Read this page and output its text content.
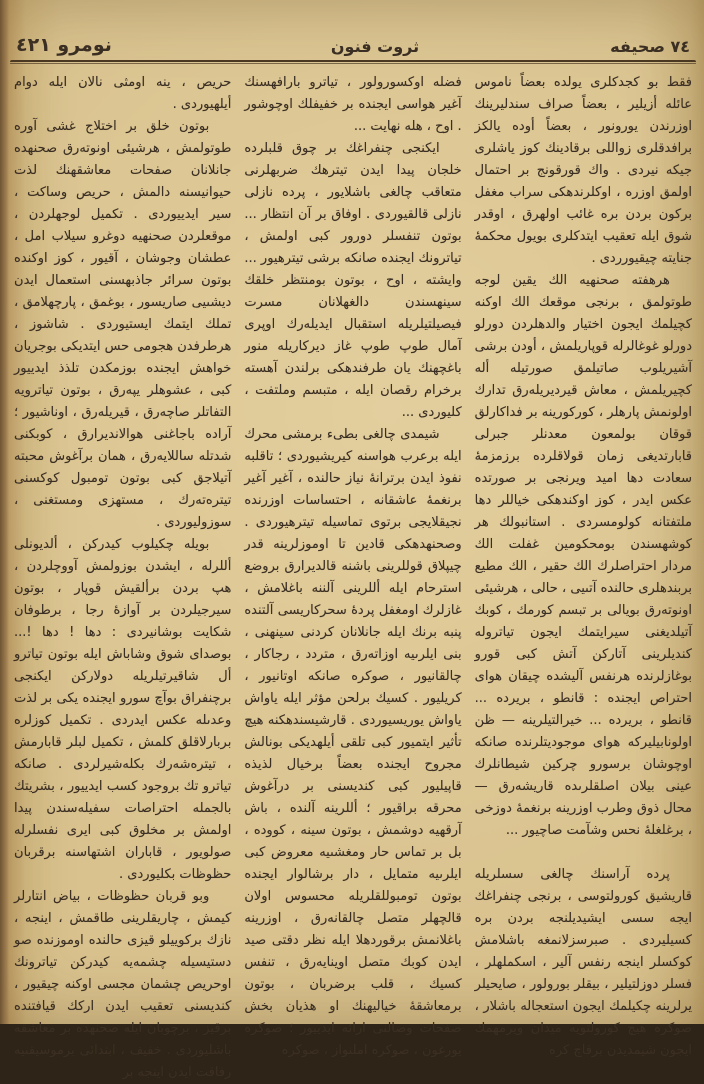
٧٤ صحيفه
ثروت فنون
نومرو ٤٢١

فقط بو كجدكلرى يولده بعضاً ناموس عائله أزيلير ، بعضاً صراف سندليرينك اوزرندن يورونور ، بعضاً أوده يالكز برافدقلرى زواللى برقادينك كوز ياشلرى جيكه نيردى . واك قورقونج بر احتمال اولمق اوزره ، اوكلرندهكى سراب مغفل بركون بردن بره غائب اولهرق ، اوقدر شوق ايله تعقيب ايتدكلرى بويول محكمهٔ جنايته چيقيورردى .

هرهفته صحنهيه الك يقين لوجه طوتولمق ، برنجى موقعك الك اوكنه كچيلمك ايجون اختيار والدهلردن دورلو دورلو غوغالرله قوپاريلمش ، أودن برشى آشيريلوب صاتيلمق صورتيله أله كچيريلمش ، معاش قيرديريلەرق تدارك اولونمش پارهلر ، كوركورينه بر فداكارلق قوقان بولمعون معدنلر جبرلى قابارتديغى زمان قولاقلرده برزمزمهٔ سعادت دها اميد ويرنجى بر صورتده عكس ايدر ، كوز اوكندهكى خياللر دها ملتفتانه كولومسردى . استانبولك هر كوشهسندن بومحكومين غفلت الك مردار احتراصلرك الك حقير ، الك مطيع بربندهلرى حالنده آتىيى ، حالى ، هرشيئى اونوتەرق بويالى بر تبسم كورمك ، كوبك آتيلديغنى سيرايتمك ايجون تياترولە كنديلرينى آتاركن آتش كبى قورو بوغازلرنده هرنفس آليشده چيقان هواى احتراص ايجنده : قانطو ، بريرده ... قانطو ، بريرده ... خيرالتيلرينه — ظن اولونابيليركه هواى موجوديتلرنده صانكه اوچوشان برسورو چركين شيطانلرك عينى بيلان اصلقلرىده قاريشەرق — محال ذوق وطرب اوزرينه برنغمهٔ دوزخى ، برغلغلهٔ نحس وشآمت صاچيور ...

پرده آراسنك چالغى سسلريله قاريشيق كورولتوسى ، برنجى چنفراغك ايجه سسى ايشيديلنجه بردن بره كسيليردى . صبرسزلانمغه باشلامش كوكسلر اينجه رنفس آلير ، اسكملهلر ، فسلر دوزلتيلير ، بيقلر بورولور ، صايحيلر يرلرينه چكيلمك ايجون استعجاله باشلار ، صوكره هيچ كورولتويه ميدان ويرمهمك ايجون شيمديدن برقاچ كره

فضله اوكسورولور ، تياترو بارافهسنك آغير هواسى ايجنده بر خفيفلك اوچوشور . اوح ، هله نهايت ...

ايكنجى چنفراغك بر چوق قلبلرده خلجان پيدا ايدن تيترهك ضربهلرنى متعاقب چالغى باشلايور ، پرده نازلى نازلى قالقيوردى . اوفاق بر آن انتظار ... بوتون تنفسلر دورور كبى اولمش ، تياترونك ايجنده صانكه برشى تيترهيور ... وايشته ، اوح ، بوتون بومنتظر خلقك سينهسندن دالغهلانان مسرت فيصيلتيلريله استقبال ايديلەرك اوپرى آمال طوپ طوپ غاز ديركاريله منور باغچهنك يان طرفندهكى برلندن آهسته برخرام رقصان ايله ، متبسم وملتفت ، كليوردى ...

شيمدى چالغى بطىء برمشى محرك ايله برعرب هواسنه كيريشيوردى ؛ تاقلبه نفوذ ايدن برترانهٔ نياز حالنده ، آغير آغير برنغمهٔ عاشقانه ، احتساسات اوزرنده نجيقلايجى برتوى تماسيله تيترهيوردى . وصحنهدهكى قادين تا اوموزلرينه قدر چيپلاق قوللرينى باشنه قالديرارق بروضع استرحام ايله أللرينى آلننه باغلامش ، غازلرك اومغفل پردهٔ سحركاريسى آلتنده پنبه برنك ايله جانلانان كردنى سينهنى ، بنى ايلرىيه اوزاتەرق ، متردد ، رجاكار ، چالقانيور ، صوكره صانكه اوتانيور ، كريليور . كسيك برلحن مؤثر ايله ياواش ياواش يوريسيوردى . قارشيسندهكنه هيچ تأثير ايتميور كبى تلقى أيلهديكى بونالش مجروح ايجنده بعضاً برخيال لذيذه قاپيليور كبى كنديسنى بر درآغوش محرقه براقيور ؛ أللرينه آلنده ، باش آرقهيه دوشمش ، بوتون سينه ، كووده ، بل بر تماس حار ومغشىيه معروض كبى ايلرىيه متمايل ، دار برشالوار ايجنده بوتون تومبوللقلريله محسوس اولان قالچهلر متصل چالقانەرق ، اوزرينه باغلانمش برقوردهلا ايله نظر دقتى صيد ايدن كوبك متصل اوينايەرق ، تنفس كسيك ، قلب برضربان ، بوتون برمعاشقهٔ خياليهنك او هذيان بخش صفحات وصالنى ارائه ايدييور ؛ صوكره يورغون ، صوكره املنواز ، صوكره

حريص ، ينه اومثى نالان ايله دوام أيلهيوردى .

بوتون خلق بر اختلاج غشى آوره طوتولمش ، هرشيئى اونوتەرق صحنهده جانلانان صفحات معاشقهنك لذت حيوانيسنه دالمش ، حريص وساكت ، سير ايدييوردى . تكميل لوجهلردن ، موقعلردن صحنهيه دوغرو سيلاب امل ، عطشان وجوشان ، آقيور ، كوز اوكنده بوتون سرائر جاذبهسنى استعمال ايدن ديشىيى صاريسور ، بوغمق ، پارچهلامق ، تملك ايتمك ايستيوردى . شاشوز ، هرطرفدن هجومى حس ايتديكى بوجريان خواهش ايجنده بوزمكدن تلذذ ايدييور كبى ، عشوهلر يپەرق ، بوتون تياترويه التفاتلر صاچەرق ، قيريلەرق ، اوناشيور ؛ آراده باجاغنى هوالانديرارق ، كوبكنى شدتله ساللايەرق ، همان برآغوش محبته آتيلاجق كبى بوتون تومبول كوكسنى تيترەتەرك ، مستهزى ومستغنى ، سوزوليوردى .

بويله چكيلوب كيدركن ، ألديونلى أللرله ، ايشدن بوزولمش آووچلردن ، هپ بردن برألقيش قوپار ، بوتون سيرجيلردن بر آوازهٔ رجا ، برطوفان شكايت بوشانيردى : دها ! دها !... بوصداى شوق وشاباش ايله بوتون تياترو أل شاقيرتيلريله دولاركن ايكنجى برچنفراق بوآچ سورو ايجنده يكى بر لذت وعدىله عكس ايدردى . تكميل كوزلره بربارلاقلق كلمش ، تكميل لبلر قابارمش ، تيترەشەرك بكلەشيرلردى . صانكه تياترو تك بروجود كسب ايدييور ، بشريتك بالجمله احتراصات سفيلەسندن پيدا اولمش بر مخلوق كبى ايرى نفسلرله صولويور ، قاباران اشتهاسنه برقربان حظوظات بكليوردى .

وبو قربان حظوظات ، بياض انتارلر كيمش ، چاريقلرينى طاقمش ، اينجه ، نازك بركوييلو قيزى حالنده اوموزنده صو دستيسيله چشمەيه كيدركن تياترونك اوحريص چشمان مجسى اوكنه چيقيور ، كنديسنى تعقيب ايدن اركك قيافتنده برقيز ، برچوبان ايله صحنهده بر معاشقه باشليوردى . خفيف ، ابتدائى برموسيقىيه رفاقت ايدن اينجه بر
